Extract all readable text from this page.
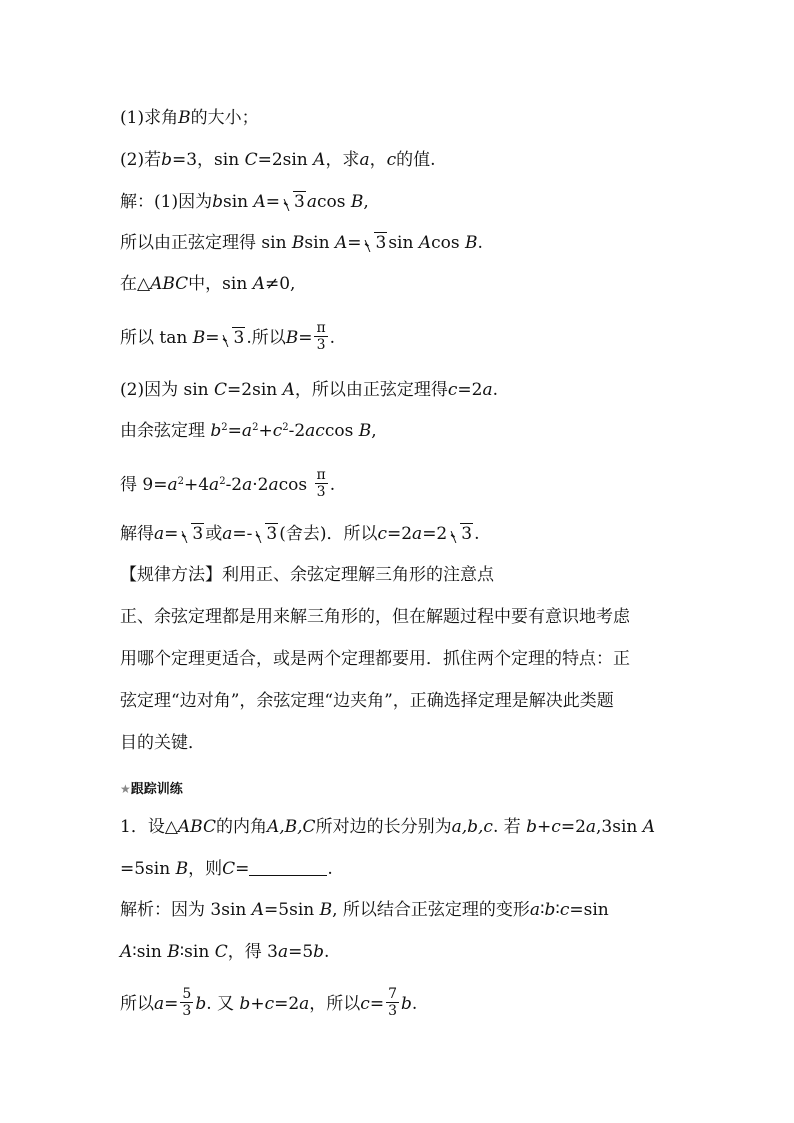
(1)求角B的大小；
(2)若b=3，sin C=2sin A，求a，c的值.
解：(1)因为bsin A= 3 acos B,
所以由正弦定理得 sin Bsin A= 3 sin Acos B.
在△ABC中，sin A≠0,
所以 tan B= 3 .所以$B= \frac{\pi}{3}$ .
(2)因为 sin C=2sin A，所以由正弦定理得c=2a.
由余弦定理 $b^2=a^2+c^2-2accos$ B,
得 $9=a^2+4a^2-2a\cdot 2acos \frac{\pi}{3}$ .
解得a= 3 或a=- 3 (舍去)．所以c=2a=2 3 .
【规律方法】利用正、余弦定理解三角形的注意点
正、余弦定理都是用来解三角形的，但在解题过程中要有意识地考虑
用哪个定理更适合，或是两个定理都要用．抓住两个定理的特点：正
弦定理“边对角”，余弦定理“边夹角”，正确选择定理是解决此类题
目的关键．
★跟踪训练
1．设△ABC的内角A,B,C所对边的长分别为a,b,c. 若 b+c=2a,3sin A
=5sin B，则C=	.
解析：因为 3sin A=5sin B, 所以结合正弦定理的变形a∶b∶c=sin
A∶sin B∶sin C，得 3a=5b.
所以$a= \frac{5}{3} b$. 又 b+c=2a，所以$c= \frac{7}{3} b$.
